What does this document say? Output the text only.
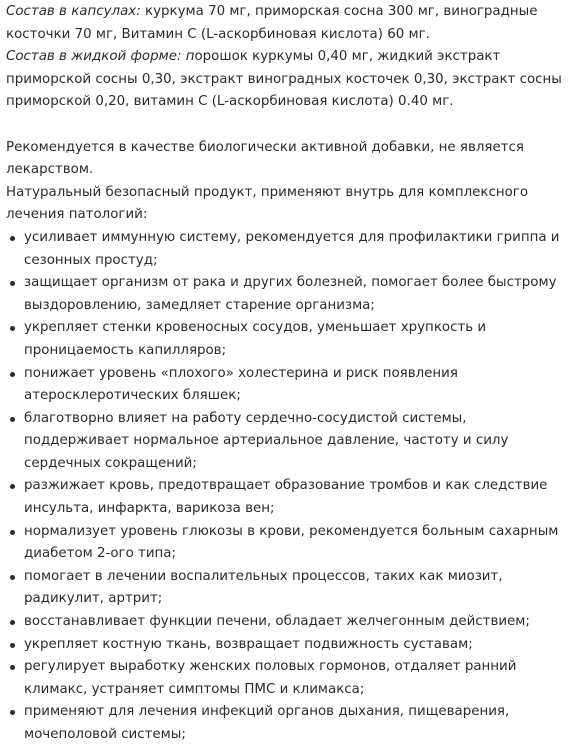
Состав в капсулах: куркума 70 мг, приморская сосна 300 мг, виноградные косточки 70 мг, Витамин С (L-аскорбиновая кислота) 60 мг.

Состав в жидкой форме: порошок куркумы 0,40 мг, жидкий экстракт приморской сосны 0,30, экстракт виноградных косточек 0,30, экстракт сосны приморской 0,20, витамин С (L-аскорбиновая кислота) 0.40 мг.

Рекомендуется в качестве биологически активной добавки, не является лекарством.

Натуральный безопасный продукт, применяют внутрь для комплексного лечения патологий:

усиливает иммунную систему, рекомендуется для профилактики гриппа и сезонных простуд;
защищает организм от рака и других болезней, помогает более быстрому выздоровлению, замедляет старение организма;
укрепляет стенки кровеносных сосудов, уменьшает хрупкость и проницаемость капилляров;
понижает уровень «плохого» холестерина и риск появления атеросклеротических бляшек;
благотворно влияет на работу сердечно-сосудистой системы, поддерживает нормальное артериальное давление, частоту и силу сердечных сокращений;
разжижает кровь, предотвращает образование тромбов и как следствие инсульта, инфаркта, варикоза вен;
нормализует уровень глюкозы в крови, рекомендуется больным сахарным диабетом 2-ого типа;
помогает в лечении воспалительных процессов, таких как миозит, радикулит, артрит;
восстанавливает функции печени, обладает желчегонным действием;
укрепляет костную ткань, возвращает подвижность суставам;
регулирует выработку женских половых гормонов, отдаляет ранний климакс, устраняет симптомы ПМС и климакса;
применяют для лечения инфекций органов дыхания, пищеварения, мочеполовой системы;
